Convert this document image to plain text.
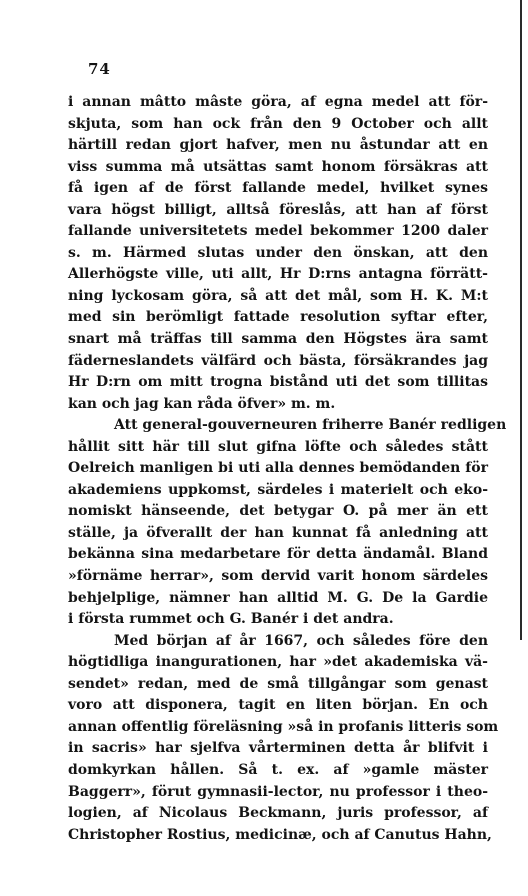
74
i annan mâtto mâste göra, af egna medel att för-
skjuta, som han ock från den 9 October och allt
härtill redan gjort hafver, men nu åstundar att en
viss summa må utsättas samt honom försäkras att
få igen af de först fallande medel, hvilket synes
vara högst billigt, alltså föreslås, att han af först
fallande universitetets medel bekommer 1200 daler
s. m. Härmed slutas under den önskan, att den
Allerhögste ville, uti allt, Hr D:rns antagna förrätt-
ning lyckosam göra, så att det mål, som H. K. M:t
med sin berömligt fattade resolution syftar efter,
snart må träffas till samma den Högstes ära samt
fäderneslandets välfärd och bästa, försäkrandes jag
Hr D:rn om mitt trogna bistånd uti det som tillitas
kan och jag kan råda öfver» m. m.
Att general-gouverneuren friherre Banér redligen
hållit sitt här till slut gifna löfte och således stått
Oelreich manligen bi uti alla dennes bemödanden för
akademiens uppkomst, särdeles i materielt och eko-
nomiskt hänseende, det betygar O. på mer än ett
ställe, ja öfverallt der han kunnat få anledning att
bekänna sina medarbetare för detta ändamål. Bland
»förnäme herrar», som dervid varit honom särdeles
behjelplige, nämner han alltid M. G. De la Gardie
i första rummet och G. Banér i det andra.
Med början af år 1667, och således före den
högtidliga inangurationen, har »det akademiska vä-
sendet» redan, med de små tillgångar som genast
voro att disponera, tagit en liten början. En och
annan offentlig föreläsning »så in profanis litteris som
in sacris» har sjelfva vårterminen detta år blifvit i
domkyrkan hållen. Så t. ex. af »gamle mäster
Baggerr», förut gymnasii-lector, nu professor i theo-
logien, af Nicolaus Beckmann, juris professor, af
Christopher Rostius, medicinæ, och af Canutus Hahn,
